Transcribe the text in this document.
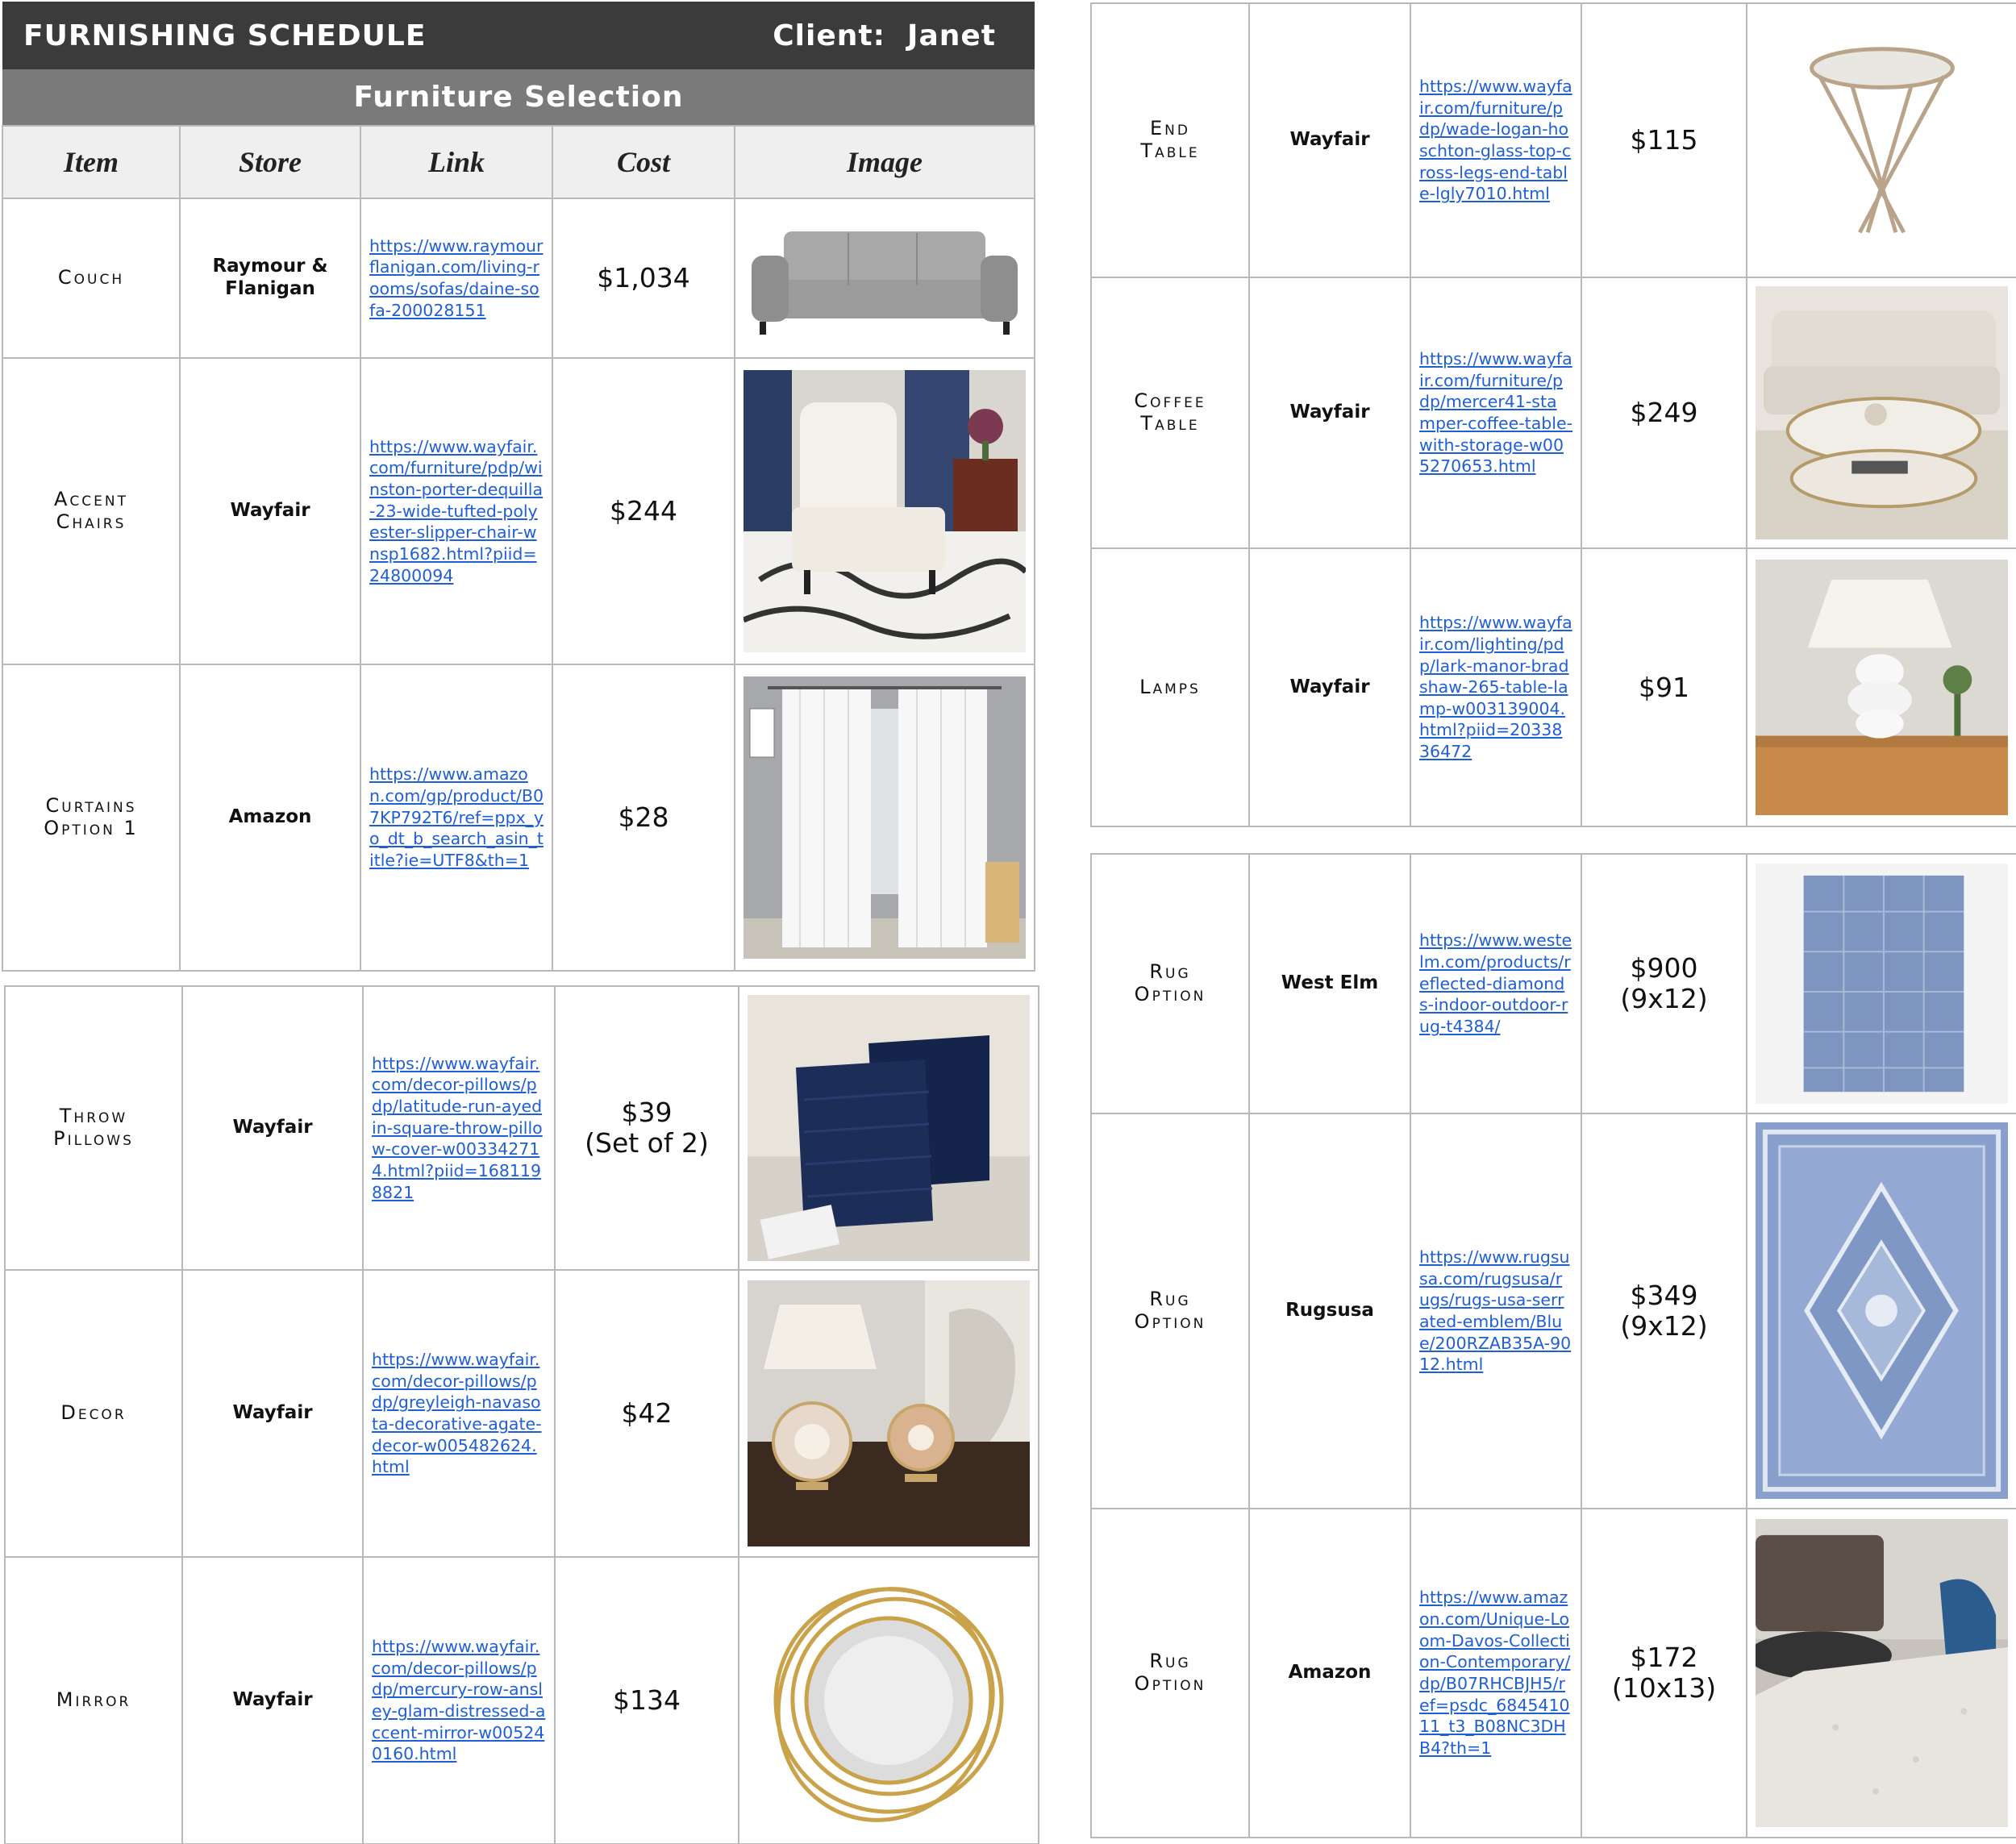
FURNISHING SCHEDULE Client: Janet				

Furniture Selection				
Item	Store	Link	Cost	Image
Couch	Raymour & Flanigan	https://www.raymourflanigan.com/living-rooms/sofas/daine-sofa-200028151	$1,034	

Accent
Chairs	Wayfair	https://www.wayfair.com/furniture/pdp/winston-porter-dequilla-23-wide-tufted-polyester-slipper-chair-wnsp1682.html?piid=24800094	$244	

Curtains
Option 1	Amazon	https://www.amazon.com/gp/product/B07KP792T6/ref=ppx_yo_dt_b_search_asin_title?ie=UTF8&th=1	$28	
Throw
Pillows	Wayfair	https://www.wayfair.com/decor-pillows/pdp/latitude-run-ayedin-square-throw-pillow-cover-w003342714.html?piid=1681198821	$39
(Set of 2)	

Decor	Wayfair	https://www.wayfair.com/decor-pillows/pdp/greyleigh-navasota-decorative-agate-decor-w005482624.html	$42	

Mirror	Wayfair	https://www.wayfair.com/decor-pillows/pdp/mercury-row-ansley-glam-distressed-accent-mirror-w005240160.html	$134	
End
Table	Wayfair	https://www.wayfair.com/furniture/pdp/wade-logan-hoschton-glass-top-cross-legs-end-table-lgly7010.html	$115	

Coffee
Table	Wayfair	https://www.wayfair.com/furniture/pdp/mercer41-stamper-coffee-table-with-storage-w005270653.html	$249	

Lamps	Wayfair	https://www.wayfair.com/lighting/pdp/lark-manor-bradshaw-265-table-lamp-w003139004.html?piid=2033836472	$91	
Rug
Option	West Elm	https://www.westelm.com/products/reflected-diamonds-indoor-outdoor-rug-t4384/	$900
(9x12)	

Rug
Option	Rugsusa	https://www.rugsusa.com/rugsusa/rugs/rugs-usa-serrated-emblem/Blue/200RZAB35A-9012.html	$349
(9x12)	

Rug
Option	Amazon	https://www.amazon.com/Unique-Loom-Davos-Collection-Contemporary/dp/B07RHCBJH5/ref=psdc_684541011_t3_B08NC3DHB4?th=1	$172
(10x13)	
